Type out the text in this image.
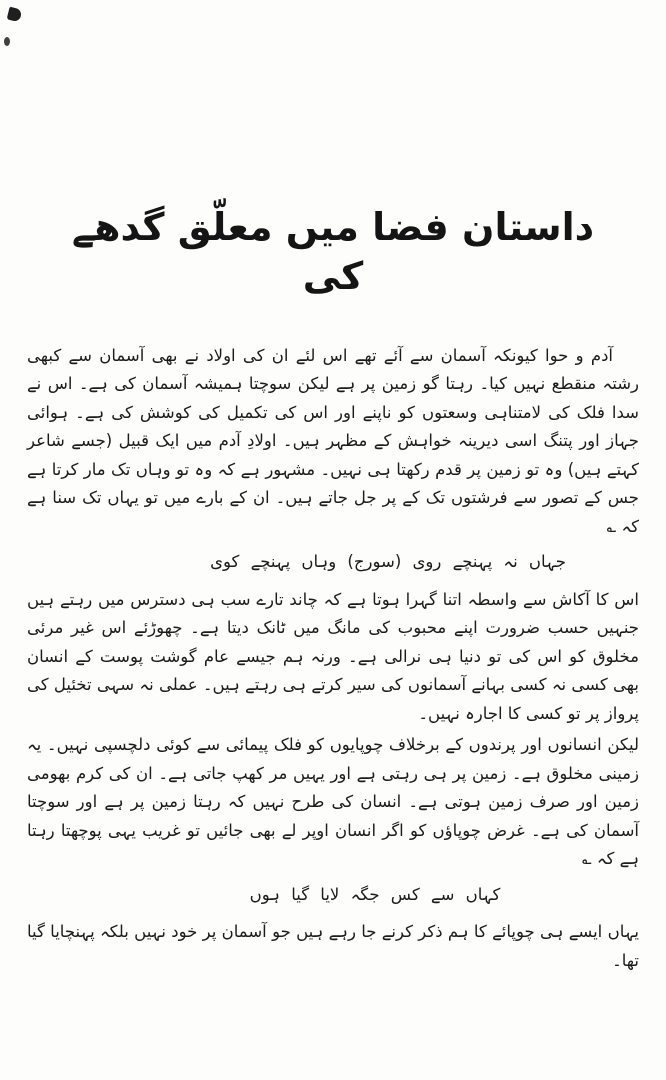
داستان فضا میں معلّق گدھے کی

آدم و حوا کیونکہ آسمان سے آئے تھے اس لئے ان کی اولاد نے بھی آسمان سے کبھی رشتہ منقطع نہیں کیا۔ رہتا گو زمین پر ہے لیکن سوچتا ہمیشہ آسمان کی ہے۔ اس نے سدا فلک کی لامتناہی وسعتوں کو ناپنے اور اس کی تکمیل کی کوشش کی ہے۔ ہوائی جہاز اور پتنگ اسی دیرینہ خواہش کے مظہر ہیں۔ اولادِ آدم میں ایک قبیل (جسے شاعر کہتے ہیں) وہ تو زمین پر قدم رکھتا ہی نہیں۔ مشہور ہے کہ وہ تو وہاں تک مار کرتا ہے جس کے تصور سے فرشتوں تک کے پر جل جاتے ہیں۔ ان کے بارے میں تو یہاں تک سنا ہے کہ ؎

جہاں نہ پہنچے روی (سورج) وہاں پہنچے کوی

اس کا آکاش سے واسطہ اتنا گہرا ہوتا ہے کہ چاند تارے سب ہی دسترس میں رہتے ہیں جنہیں حسب ضرورت اپنے محبوب کی مانگ میں ٹانک دیتا ہے۔ چھوڑئے اس غیر مرئی مخلوق کو اس کی تو دنیا ہی نرالی ہے۔ ورنہ ہم جیسے عام گوشت پوست کے انسان بھی کسی نہ کسی بہانے آسمانوں کی سیر کرتے ہی رہتے ہیں۔ عملی نہ سہی تخئیل کی پرواز پر تو کسی کا اجارہ نہیں۔

لیکن انسانوں اور پرندوں کے برخلاف چوپایوں کو فلک پیمائی سے کوئی دلچسپی نہیں۔ یہ زمینی مخلوق ہے۔ زمین پر ہی رہتی ہے اور یہیں مر کھپ جاتی ہے۔ ان کی کرم بھومی زمین اور صرف زمین ہوتی ہے۔ انسان کی طرح نہیں کہ رہتا زمین پر ہے اور سوچتا آسمان کی ہے۔ غرض چوپاؤں کو اگر انسان اوپر لے بھی جائیں تو غریب یہی پوچھتا رہتا ہے کہ ؎

کہاں سے کس جگہ لایا گیا ہوں

یہاں ایسے ہی چوپائے کا ہم ذکر کرنے جا رہے ہیں جو آسمان پر خود نہیں بلکہ پہنچایا گیا تھا۔
